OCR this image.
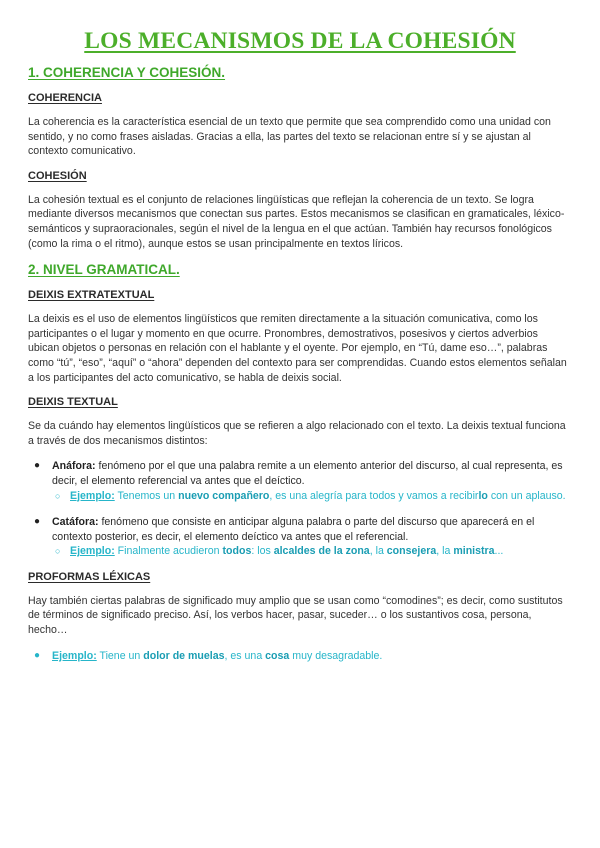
LOS MECANISMOS DE LA COHESIÓN
1. COHERENCIA Y COHESIÓN.
COHERENCIA

La coherencia es la característica esencial de un texto que permite que sea comprendido como una unidad con sentido, y no como frases aisladas. Gracias a ella, las partes del texto se relacionan entre sí y se ajustan al contexto comunicativo.

COHESIÓN

La cohesión textual es el conjunto de relaciones lingüísticas que reflejan la coherencia de un texto. Se logra mediante diversos mecanismos que conectan sus partes. Estos mecanismos se clasifican en gramaticales, léxico-semánticos y supraoracionales, según el nivel de la lengua en el que actúan. También hay recursos fonológicos (como la rima o el ritmo), aunque estos se usan principalmente en textos líricos.

2. NIVEL GRAMATICAL.
DEIXIS EXTRATEXTUAL

La deixis es el uso de elementos lingüísticos que remiten directamente a la situación comunicativa, como los participantes o el lugar y momento en que ocurre. Pronombres, demostrativos, posesivos y ciertos adverbios ubican objetos o personas en relación con el hablante y el oyente. Por ejemplo, en “Tú, dame eso…”, palabras como “tú”, “eso”, “aquí” o “ahora” dependen del contexto para ser comprendidas. Cuando estos elementos señalan a los participantes del acto comunicativo, se habla de deixis social.

DEIXIS TEXTUAL

Se da cuándo hay elementos lingüísticos que se refieren a algo relacionado con el texto. La deixis textual funciona a través de dos mecanismos distintos:

● Anáfora: fenómeno por el que una palabra remite a un elemento anterior del discurso, al cual representa, es decir, el elemento referencial va antes que el deíctico.
○ Ejemplo: Tenemos un nuevo compañero, es una alegría para todos y vamos a recibirlo con un aplauso.
● Catáfora: fenómeno que consiste en anticipar alguna palabra o parte del discurso que aparecerá en el contexto posterior, es decir, el elemento deíctico va antes que el referencial.
○ Ejemplo: Finalmente acudieron todos: los alcaldes de la zona, la consejera, la ministra...
PROFORMAS LÉXICAS

Hay también ciertas palabras de significado muy amplio que se usan como “comodines”; es decir, como sustitutos de términos de significado preciso. Así, los verbos hacer, pasar, suceder… o los sustantivos cosa, persona, hecho…

● Ejemplo: Tiene un dolor de muelas, es una cosa muy desagradable.
